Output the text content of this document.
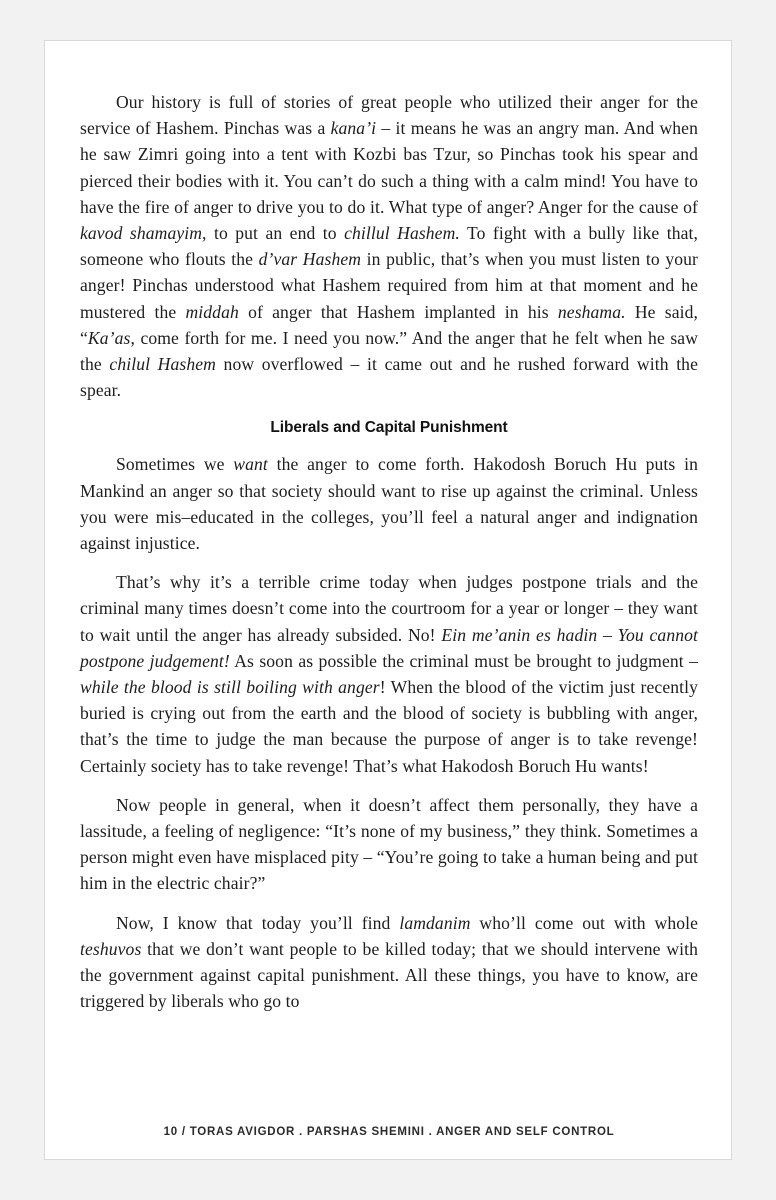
Our history is full of stories of great people who utilized their anger for the service of Hashem. Pinchas was a kana’i – it means he was an angry man. And when he saw Zimri going into a tent with Kozbi bas Tzur, so Pinchas took his spear and pierced their bodies with it. You can’t do such a thing with a calm mind! You have to have the fire of anger to drive you to do it. What type of anger? Anger for the cause of kavod shamayim, to put an end to chillul Hashem. To fight with a bully like that, someone who flouts the d’var Hashem in public, that’s when you must listen to your anger! Pinchas understood what Hashem required from him at that moment and he mustered the middah of anger that Hashem implanted in his neshama. He said, “Ka’as, come forth for me. I need you now.” And the anger that he felt when he saw the chilul Hashem now overflowed – it came out and he rushed forward with the spear.

Liberals and Capital Punishment

Sometimes we want the anger to come forth. Hakodosh Boruch Hu puts in Mankind an anger so that society should want to rise up against the criminal. Unless you were mis–educated in the colleges, you’ll feel a natural anger and indignation against injustice.

That’s why it’s a terrible crime today when judges postpone trials and the criminal many times doesn’t come into the courtroom for a year or longer – they want to wait until the anger has already subsided. No! Ein me’anin es hadin – You cannot postpone judgement! As soon as possible the criminal must be brought to judgment – while the blood is still boiling with anger! When the blood of the victim just recently buried is crying out from the earth and the blood of society is bubbling with anger, that’s the time to judge the man because the purpose of anger is to take revenge! Certainly society has to take revenge! That’s what Hakodosh Boruch Hu wants!

Now people in general, when it doesn’t affect them personally, they have a lassitude, a feeling of negligence: “It’s none of my business,” they think. Sometimes a person might even have misplaced pity – “You’re going to take a human being and put him in the electric chair?”

Now, I know that today you’ll find lamdanim who’ll come out with whole teshuvos that we don’t want people to be killed today; that we should intervene with the government against capital punishment. All these things, you have to know, are triggered by liberals who go to

10 / TORAS AVIGDOR . PARSHAS SHEMINI . ANGER AND SELF CONTROL
